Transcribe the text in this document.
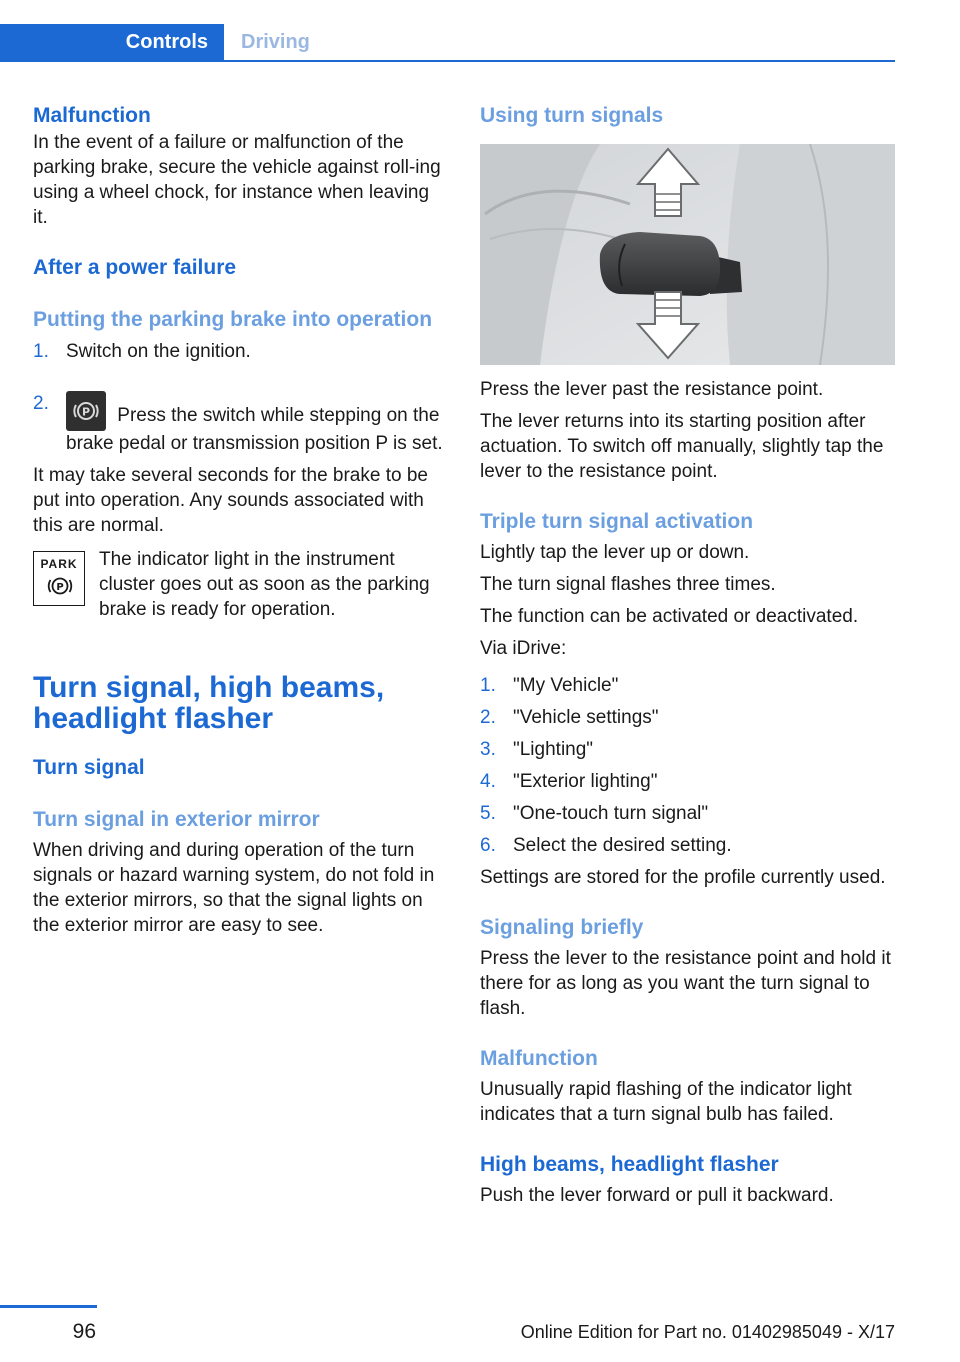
Controls	Driving
Malfunction

In the event of a failure or malfunction of the parking brake, secure the vehicle against roll‐ing using a wheel chock, for instance when leaving it.

After a power failure
Putting the parking brake into operation
1. Switch on the ignition.
2.	P Press the switch while stepping on the brake pedal or transmission position P is set.

It may take several seconds for the brake to be put into operation. Any sounds associated with this are normal.

PARK
P

The indicator light in the instrument cluster goes out as soon as the parking brake is ready for operation.

Turn signal, high beams, headlight flasher
Turn signal
Turn signal in exterior mirror

When driving and during operation of the turn signals or hazard warning system, do not fold in the exterior mirrors, so that the signal lights on the exterior mirror are easy to see.

Using turn signals

Press the lever past the resistance point.

The lever returns into its starting position after actuation. To switch off manually, slightly tap the lever to the resistance point.

Triple turn signal activation

Lightly tap the lever up or down.

The turn signal flashes three times.

The function can be activated or deactivated.

Via iDrive:

1. "My Vehicle"
2. "Vehicle settings"
3. "Lighting"
4. "Exterior lighting"
5. "One-touch turn signal"
6. Select the desired setting.

Settings are stored for the profile currently used.

Signaling briefly

Press the lever to the resistance point and hold it there for as long as you want the turn signal to flash.

Malfunction

Unusually rapid flashing of the indicator light indicates that a turn signal bulb has failed.

High beams, headlight flasher

Push the lever forward or pull it backward.

96	Online Edition for Part no. 01402985049 - X/17
